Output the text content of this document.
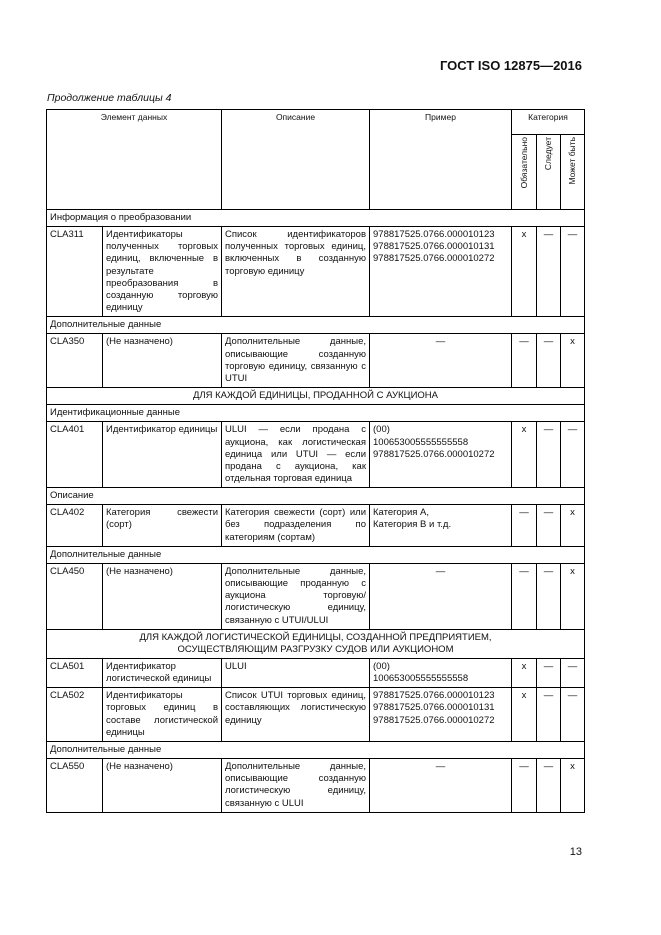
ГОСТ ISO 12875—2016
Продолжение таблицы 4
Элемент данных		Описание	Пример	Категория		
				Обязательно	Следует	Может быть
Информация о преобразовании						
CLA311	Идентификаторы полученных торговых единиц, включенные в результате преобразования в созданную торговую единицу	Список идентификаторов полученных торговых единиц, включенных в созданную торговую единицу	978817525.0766.000010123
978817525.0766.000010131
978817525.0766.000010272	x	—	—
Дополнительные данные						
CLA350	(Не назначено)	Дополнительные данные, описывающие созданную торговую единицу, связанную с UTUI	—	—	—	x
ДЛЯ КАЖДОЙ ЕДИНИЦЫ, ПРОДАННОЙ С АУКЦИОНА						
Идентификационные данные						
CLA401	Идентификатор единицы	ULUI — если продана с аукциона, как логистическая единица или UTUI — если продана с аукциона, как отдельная торговая единица	(00)
100653005555555558
978817525.0766.000010272	x	—	—
Описание						
CLA402	Категория свежести (сорт)	Категория свежести (сорт) или без подразделения по категориям (сортам)	Категория А,
Категория В и т.д.	—	—	x
Дополнительные данные						
CLA450	(Не назначено)	Дополнительные данные, описывающие проданную с аукциона торговую/логистическую единицу, связанную с UTUI/ULUI	—	—	—	x
ДЛЯ КАЖДОЙ ЛОГИСТИЧЕСКОЙ ЕДИНИЦЫ, СОЗДАННОЙ ПРЕДПРИЯТИЕМ,
ОСУЩЕСТВЛЯЮЩИМ РАЗГРУЗКУ СУДОВ ИЛИ АУКЦИОНОМ						
CLA501	Идентификатор логистической единицы	ULUI	(00)
100653005555555558	x	—	—
CLA502	Идентификаторы торговых единиц в составе логистической единицы	Список UTUI торговых единиц, составляющих логистическую единицу	978817525.0766.000010123
978817525.0766.000010131
978817525.0766.000010272	x	—	—
Дополнительные данные						
CLA550	(Не назначено)	Дополнительные данные, описывающие созданную логистическую единицу, связанную с ULUI	—	—	—	x
13
